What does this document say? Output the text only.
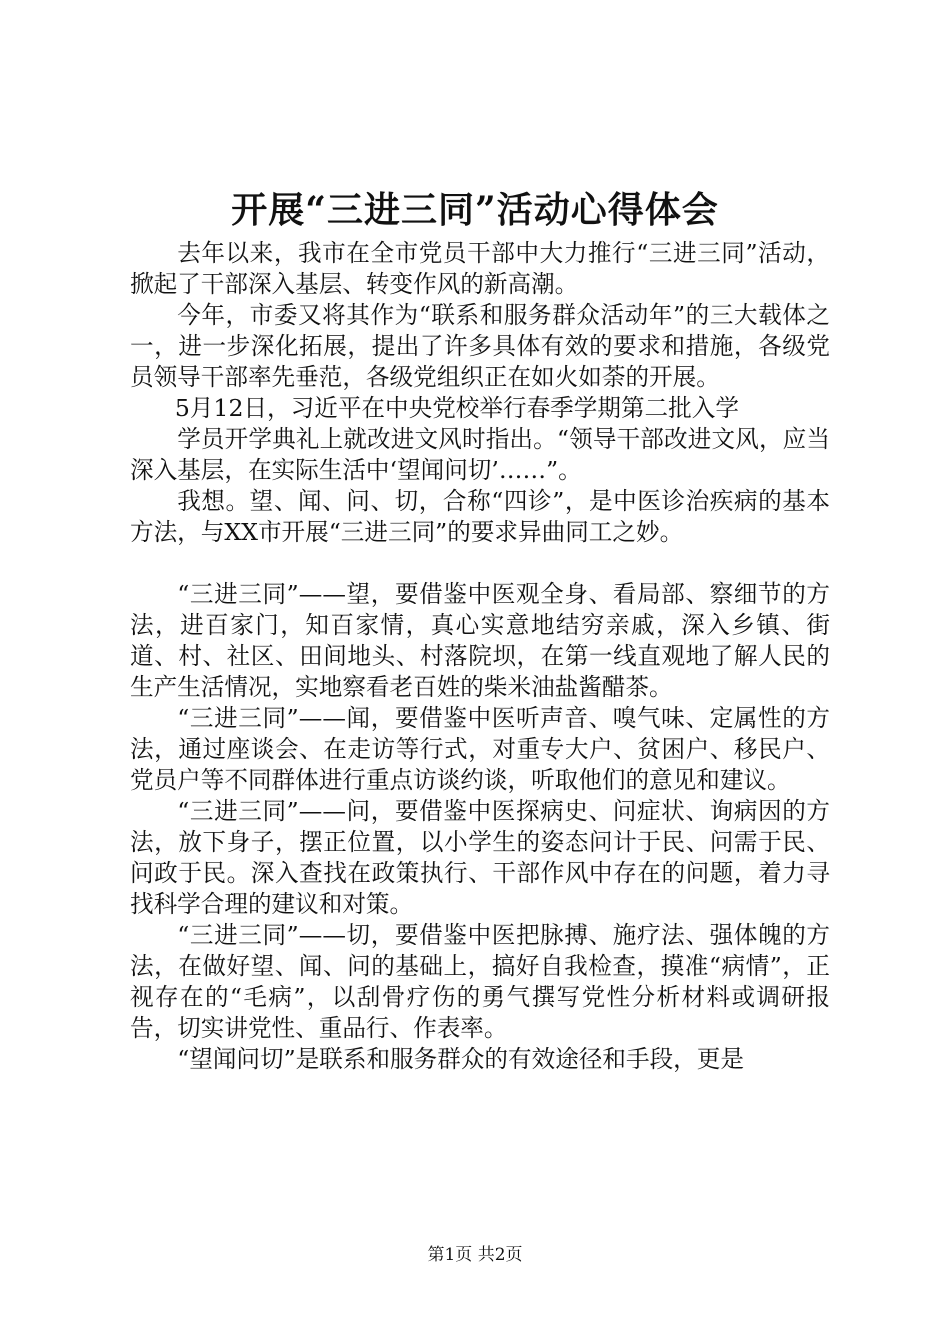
开展“三进三同”活动心得体会

去年以来，我市在全市党员干部中大力推行“三进三同”活动，掀起了干部深入基层、转变作风的新高潮。

今年，市委又将其作为“联系和服务群众活动年”的三大载体之一，进一步深化拓展，提出了许多具体有效的要求和措施，各级党员领导干部率先垂范，各级党组织正在如火如荼的开展。

5月12日，习近平在中央党校举行春季学期第二批入学

学员开学典礼上就改进文风时指出。“领导干部改进文风，应当深入基层，在实际生活中‘望闻问切’……”。

我想。望、闻、问、切，合称“四诊”，是中医诊治疾病的基本方法，与XX市开展“三进三同”的要求异曲同工之妙。

“三进三同”——望，要借鉴中医观全身、看局部、察细节的方法，进百家门，知百家情，真心实意地结穷亲戚，深入乡镇、街道、村、社区、田间地头、村落院坝，在第一线直观地了解人民的生产生活情况，实地察看老百姓的柴米油盐酱醋茶。

“三进三同”——闻，要借鉴中医听声音、嗅气味、定属性的方法，通过座谈会、在走访等行式，对重专大户、贫困户、移民户、党员户等不同群体进行重点访谈约谈，听取他们的意见和建议。

“三进三同”——问，要借鉴中医探病史、问症状、询病因的方法，放下身子，摆正位置，以小学生的姿态问计于民、问需于民、问政于民。深入查找在政策执行、干部作风中存在的问题，着力寻找科学合理的建议和对策。

“三进三同”——切，要借鉴中医把脉搏、施疗法、强体魄的方法，在做好望、闻、问的基础上，搞好自我检查，摸准“病情”，正视存在的“毛病”，以刮骨疗伤的勇气撰写党性分析材料或调研报告，切实讲党性、重品行、作表率。

“望闻问切”是联系和服务群众的有效途径和手段，更是

第1页 共2页
